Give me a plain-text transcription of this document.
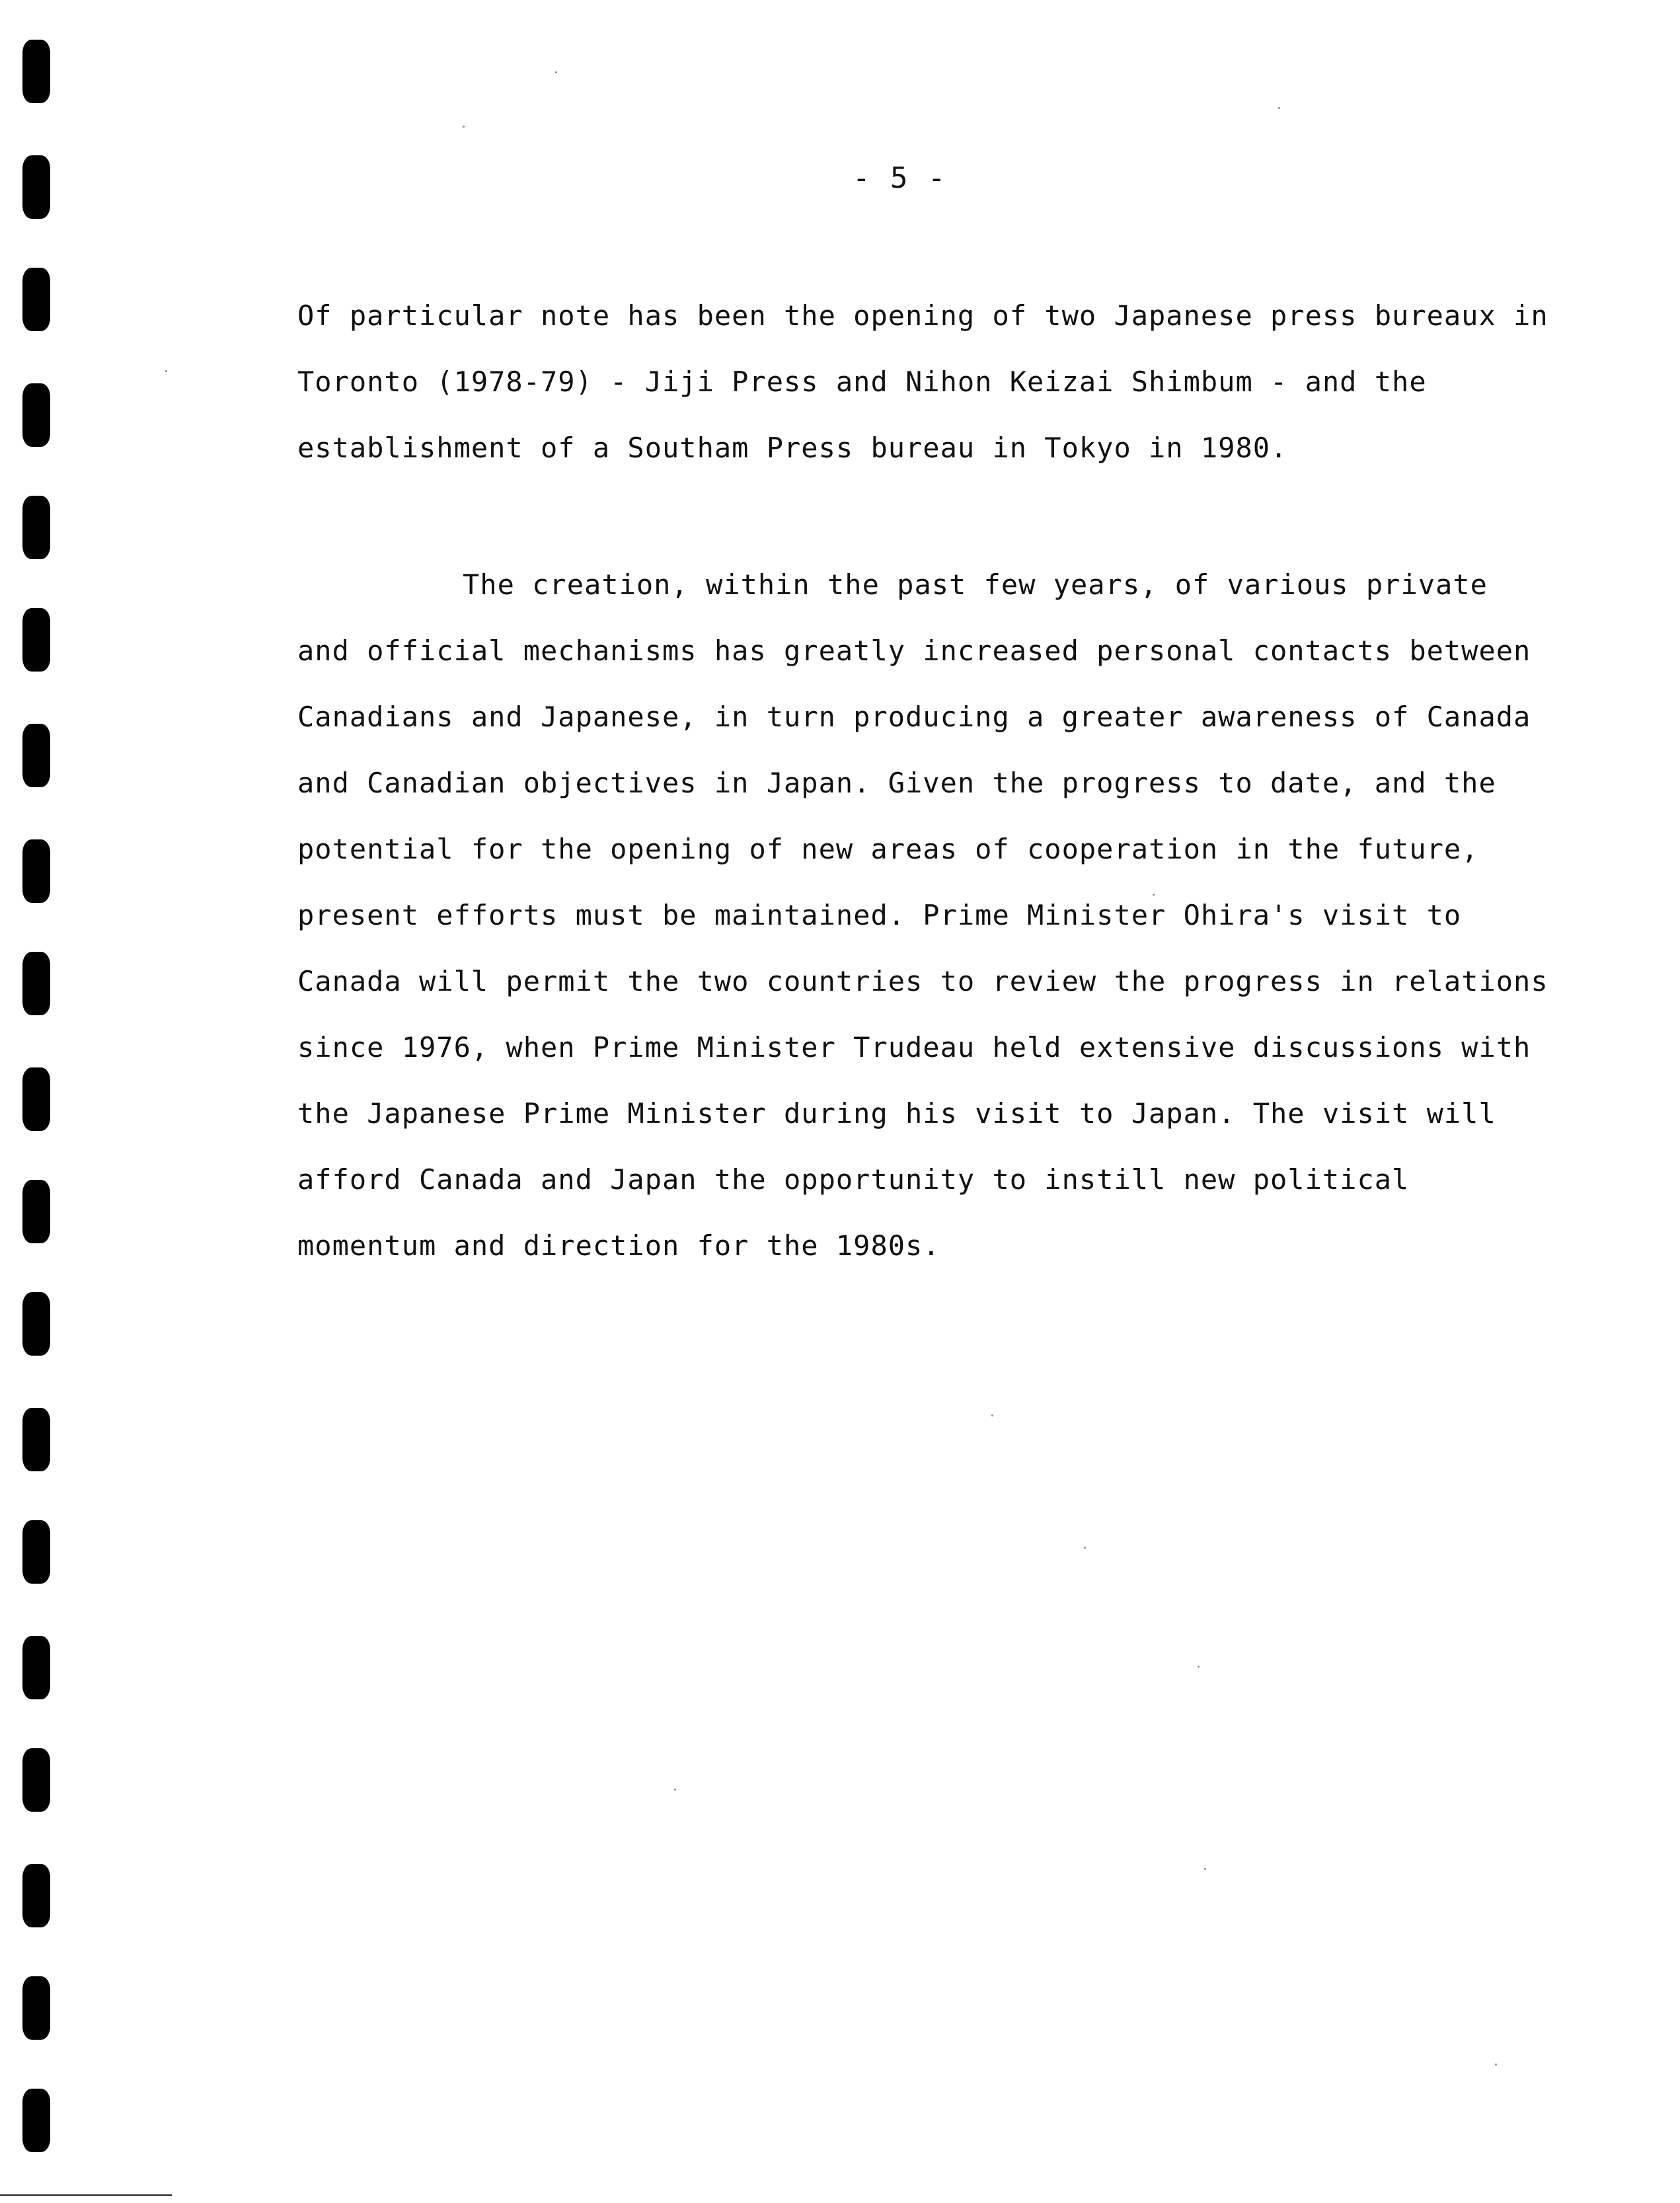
- 5 -

Of particular note has been the opening of two Japanese press bureaux in
Toronto (1978-79) - Jiji Press and Nihon Keizai Shimbum - and the
establishment of a Southam Press bureau in Tokyo in 1980.

The creation, within the past few years, of various private
and official mechanisms has greatly increased personal contacts between
Canadians and Japanese, in turn producing a greater awareness of Canada
and Canadian objectives in Japan. Given the progress to date, and the
potential for the opening of new areas of cooperation in the future,
present efforts must be maintained. Prime Minister Ohira's visit to
Canada will permit the two countries to review the progress in relations
since 1976, when Prime Minister Trudeau held extensive discussions with
the Japanese Prime Minister during his visit to Japan. The visit will
afford Canada and Japan the opportunity to instill new political
momentum and direction for the 1980s.
